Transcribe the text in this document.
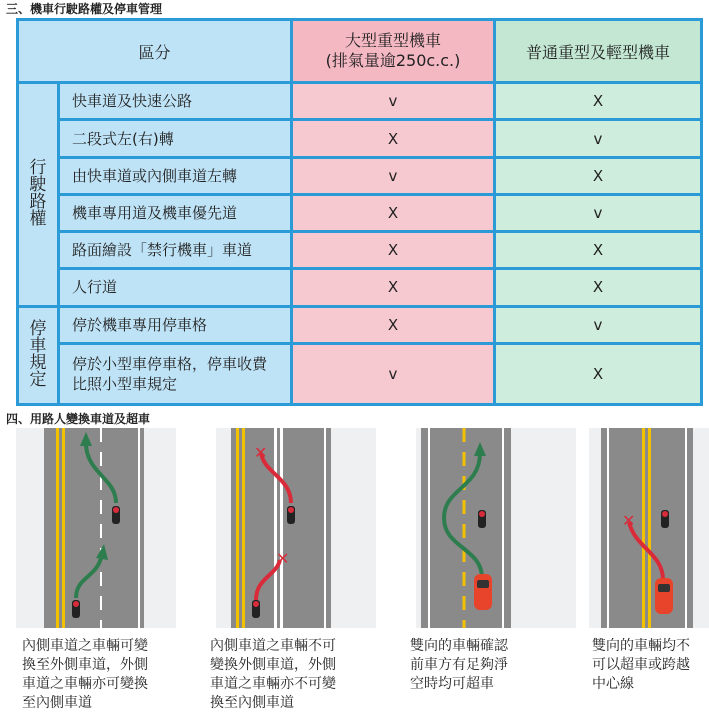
三、機車行駛路權及停車管理
區分		大型重型機車
(排氣量逾250c.c.)	普通重型及輕型機車

行
駛
路
權	快車道及快速公路	v	X
	二段式左(右)轉	X	v
	由快車道或內側車道左轉	v	X
	機車專用道及機車優先道	X	v
	路面繪設「禁行機車」車道	X	X
	人行道	X	X

停
車
規
定	停於機車專用停車格	X	v
	停於小型車停車格，停車收費比照小型車規定	v	X
四、用路人變換車道及超車
✕
✕
✕
內側車道之車輛可變
換至外側車道，外側
車道之車輛亦可變換
至內側車道
內側車道之車輛不可
變換外側車道，外側
車道之車輛亦不可變
換至內側車道
雙向的車輛確認
前車方有足夠淨
空時均可超車
雙向的車輛均不
可以超車或跨越
中心線
